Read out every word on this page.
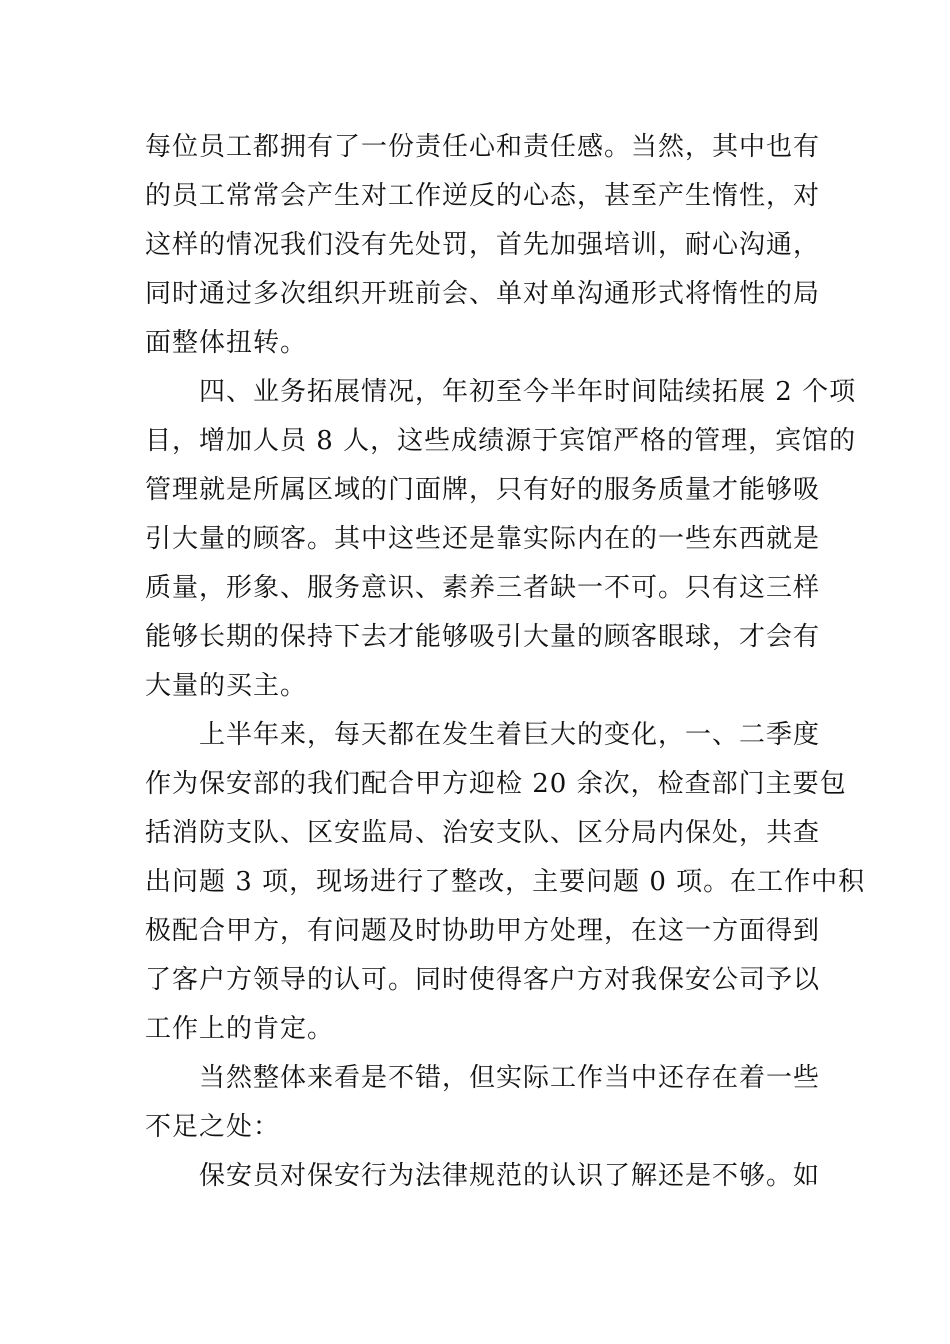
每位员工都拥有了一份责任心和责任感。当然，其中也有
的员工常常会产生对工作逆反的心态，甚至产生惰性，对
这样的情况我们没有先处罚，首先加强培训，耐心沟通，
同时通过多次组织开班前会、单对单沟通形式将惰性的局
面整体扭转。
四、业务拓展情况，年初至今半年时间陆续拓展 2 个项
目，增加人员 8 人，这些成绩源于宾馆严格的管理，宾馆的
管理就是所属区域的门面牌，只有好的服务质量才能够吸
引大量的顾客。其中这些还是靠实际内在的一些东西就是
质量，形象、服务意识、素养三者缺一不可。只有这三样
能够长期的保持下去才能够吸引大量的顾客眼球，才会有
大量的买主。
上半年来，每天都在发生着巨大的变化，一、二季度
作为保安部的我们配合甲方迎检 20 余次，检查部门主要包
括消防支队、区安监局、治安支队、区分局内保处，共查
出问题 3 项，现场进行了整改，主要问题 0 项。在工作中积
极配合甲方，有问题及时协助甲方处理，在这一方面得到
了客户方领导的认可。同时使得客户方对我保安公司予以
工作上的肯定。
当然整体来看是不错，但实际工作当中还存在着一些
不足之处：
保安员对保安行为法律规范的认识了解还是不够。如
